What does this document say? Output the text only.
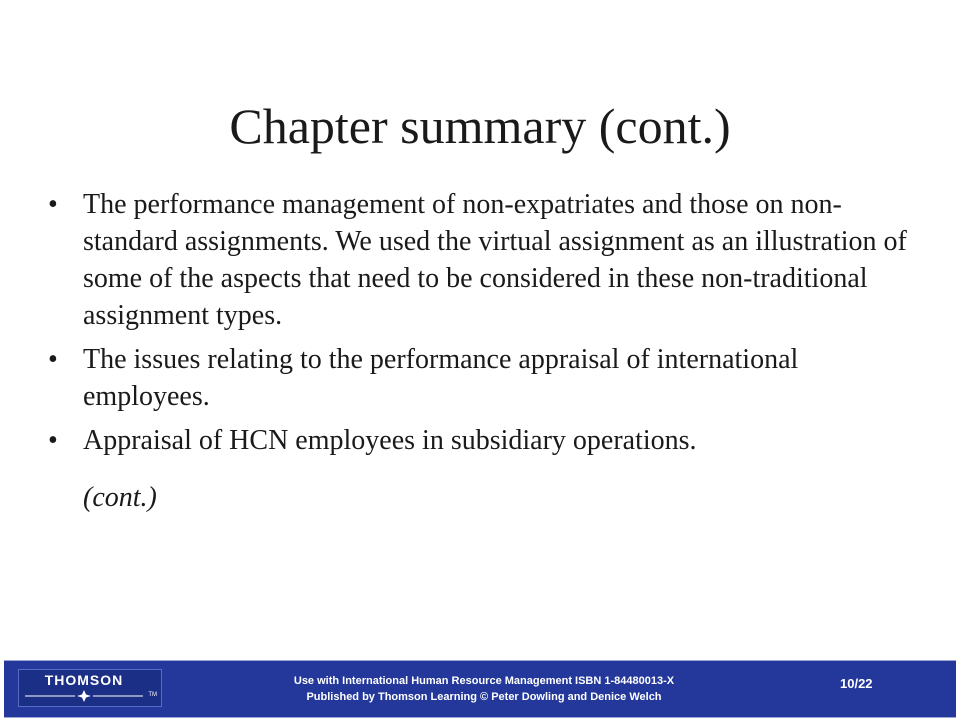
Chapter summary (cont.)
• The performance management of non-expatriates and those on non-standard assignments. We used the virtual assignment as an illustration of some of the aspects that need to be considered in these non-traditional assignment types.
• The issues relating to the performance appraisal of international employees.
• Appraisal of HCN employees in subsidiary operations.
(cont.)
THOMSON
TM
Use with International Human Resource Management ISBN 1-84480013-X
Published by Thomson Learning © Peter Dowling and Denice Welch
10/22
